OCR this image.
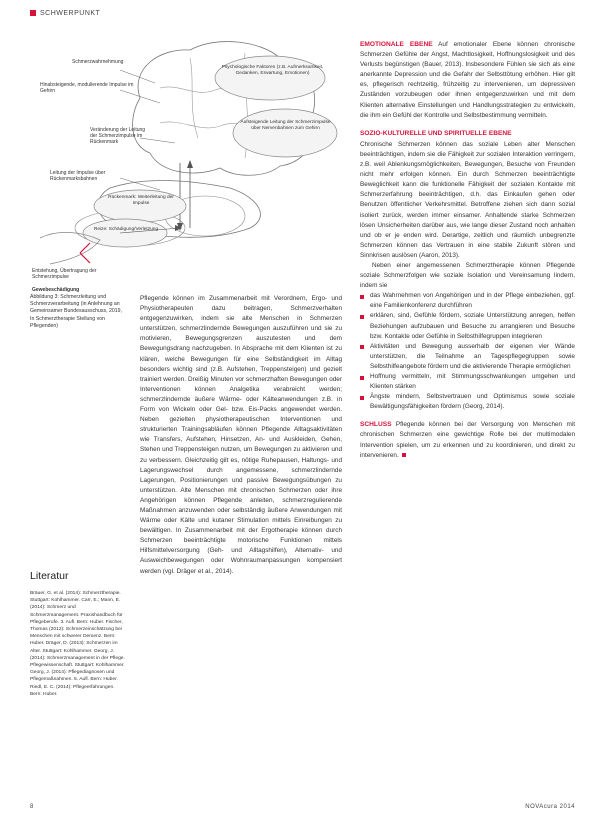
SCHWERPUNKT
Schmerzwahrnehmung
Hinabsteigende, modulierende Impulse im Gehirn
Psychologische Faktoren (z.B. Aufmerksamkeit, Gedanken, Erwartung, Emotionen)
Veränderung der Leitung der Schmerzimpulse im Rückenmark
Aufsteigende Leitung der Schmerzimpulse über Nervenbahnen zum Gehirn
Leitung der Impulse über Rückenmarksbahnen
Rückenmark: Weiterleitung der Impulse
Reize: Schädigung/Verletzung
Entstehung, Übertragung der Schmerzimpulse
Gewebeschädigung
Abbildung 3: Schmerzleitung und Schmerzverarbeitung (in Anlehnung an Gemeinsamer Bundesausschuss, 2019, In Schmerztherapie Stellung von Pflegenden)
Literatur

Bräuer, G. et al. (2014): Schmerztherapie. Stuttgart: Kohlhammer. Carr, E.; Mann, E. (2014): Schmerz und Schmerzmanagement. Praxishandbuch für Pflegeberufe. 3. Aufl. Bern: Huber. Fischer, Thomas (2012): Schmerzeinschätzung bei Menschen mit schwerer Demenz. Bern: Huber. Dräger, D. (2013): Schmerzen im Alter. Stuttgart: Kohlhammer. Georg, J. (2014): Schmerzmanagement in der Pflege. Pflegewissenschaft. Stuttgart: Kohlhammer. Georg, J. (2014): Pflegediagnosen und Pflegemaßnahmen. 5. Aufl. Bern: Huber. Riedl, E. C. (2014): Pflegeerfahrungen. Bern: Huber.

Pflegende können im Zusammenarbeit mit Verordnern, Ergo- und Physiotherapeuten dazu beitragen, Schmerzverhalten entgegenzuwirken, indem sie alte Menschen in Schmerzen unterstützen, schmerzlindernde Bewegungen auszuführen und sie zu motivieren, Bewegungsgrenzen auszutesten und dem Bewegungsdrang nachzugeben. In Absprache mit dem Klienten ist zu klären, welche Bewegungen für eine Selbständigkeit im Alltag besonders wichtig sind (z.B. Aufstehen, Treppensteigen) und gezielt trainiert werden. Dreißig Minuten vor schmerzhaften Bewegungen oder Interventionen können Analgetika verabreicht werden; schmerzlindernde äußere Wärme- oder Kälteanwendungen z.B. in Form von Wickeln oder Gel- bzw. Eis-Packs angewendet werden. Neben gezielten physiotherapeutischen Interventionen und strukturierten Trainingsabläufen können Pflegende Alltagsaktivitäten wie Transfers, Aufstehen, Hinsetzen, An- und Auskleiden, Gehen, Stehen und Treppensteigen nutzen, um Bewegungen zu aktivieren und zu verbessern. Gleichzeitig gilt es, nötige Ruhepausen, Haltungs- und Lagerungswechsel durch angemessene, schmerzlindernde Lagerungen, Positionierungen und passive Bewegungsübungen zu unterstützen. Alte Menschen mit chronischen Schmerzen oder ihre Angehörigen können Pflegende anleiten, schmerzregulierende Maßnahmen anzuwenden oder selbständig äußere Anwendungen mit Wärme oder Kälte und kutaner Stimulation mittels Einreibungen zu bewältigen. In Zusammenarbeit mit der Ergotherapie können durch Schmerzen beeinträchtigte motorische Funktionen mittels Hilfsmittelversorgung (Geh- und Alltagshilfen), Alternativ- und Ausweichbewegungen oder Wohnraumanpassungen kompensiert werden (vgl. Dräger et al., 2014).

EMOTIONALE EBENE Auf emotionaler Ebene können chronische Schmerzen Gefühle der Angst, Machtlosigkeit, Hoffnungslosigkeit und des Verlusts begünstigen (Bauer, 2013). Insbesondere Fühlen sie sich als eine anerkannte Depression und die Gefahr der Selbsttötung erhöhen. Hier gilt es, pflegerisch rechtzeitig, frühzeitig zu intervenieren, um depressiven Zuständen vorzubeugen oder ihnen entgegenzuwirken und mit dem Klienten alternative Einstellungen und Handlungsstrategien zu entwickeln, die ihm ein Gefühl der Kontrolle und Selbstbestimmung vermitteln.

SOZIO-KULTURELLE UND SPIRITUELLE EBENE

Chronische Schmerzen können das soziale Leben alter Menschen beeinträchtigen, indem sie die Fähigkeit zur sozialen Interaktion verringern, z.B. weil Ablenkungsmöglichkeiten, Bewegungen, Besuche von Freunden nicht mehr erfolgen können. Ein durch Schmerzen beeinträchtigte Beweglichkeit kann die funktionelle Fähigkeit der sozialen Kontakte mit Schmerzerfahrung beeinträchtigen, d.h. das Einkaufen gehen oder Benutzen öffentlicher Verkehrsmittel. Betroffene ziehen sich dann sozial isoliert zurück, werden immer einsamer. Anhaltende starke Schmerzen lösen Unsicherheiten darüber aus, wie lange dieser Zustand noch anhalten und ob er je enden wird. Derartige, zeitlich und räumlich unbegrenzte Schmerzen können das Vertrauen in eine stabile Zukunft stören und Sinnkrisen auslösen (Aaron, 2013).

Neben einer angemessenen Schmerztherapie können Pflegende soziale Schmerzfolgen wie soziale Isolation und Vereinsamung lindern, indem sie

das Wahrnehmen von Angehörigen und in der Pflege einbeziehen, ggf. eine Familienkonferenz durchführen
erklären, sind, Gefühle fördern, soziale Unterstützung anregen, helfen Beziehungen aufzubauen und Besuche zu arrangieren und Besuche bzw. Kontakte oder Gefühle in Selbsthilfegruppen integrieren
Aktivitäten und Bewegung ausserhalb der eigenen vier Wände unterstützen, die Teilnahme an Tagespflegegruppen sowie Selbsthilfeangebote fördern und die aktivierende Therapie ermöglichen
Hoffnung vermitteln, mit Stimmungsschwankungen umgehen und Klienten stärken
Ängste mindern, Selbstvertrauen und Optimismus sowie soziale Bewältigungsfähigkeiten fördern (Georg, 2014).

SCHLUSS Pflegende können bei der Versorgung von Menschen mit chronischen Schmerzen eine gewichtige Rolle bei der multimodalen Intervention spielen, um zu erkennen und zu koordinieren, und direkt zu intervenieren.

8	NOVAcura 2014
